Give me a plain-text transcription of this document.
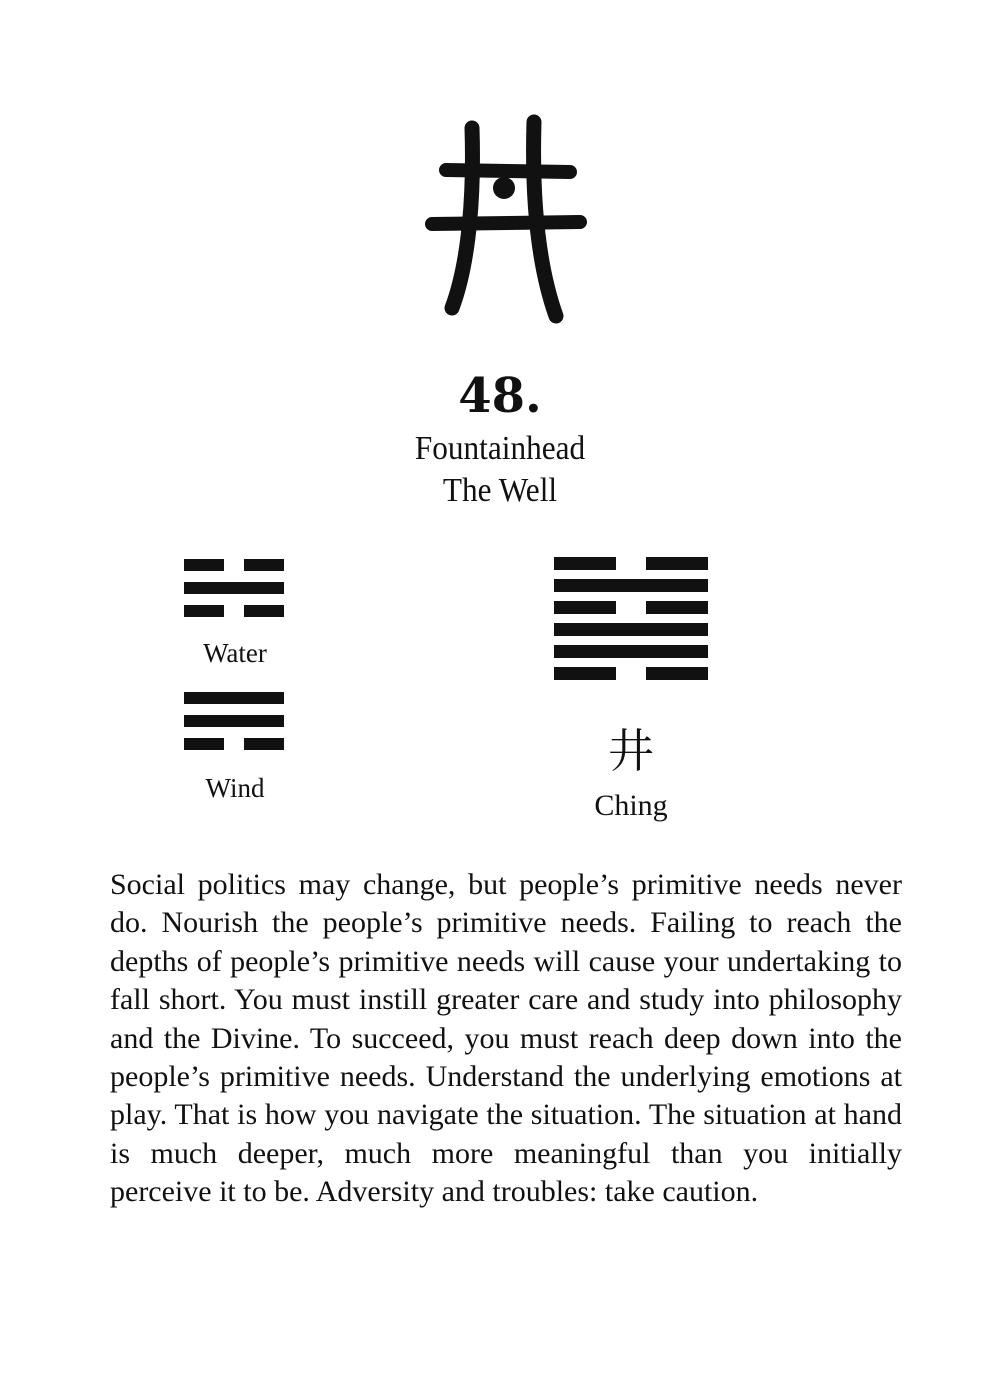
48.
Fountainhead
The Well
Water
Wind
井
Ching

Social politics may change, but people’s primitive needs never do. Nourish the people’s primitive needs. Failing to reach the depths of people’s primitive needs will cause your undertaking to fall short. You must instill greater care and study into philosophy and the Divine. To succeed, you must reach deep down into the people’s primitive needs. Understand the underlying emotions at play. That is how you navigate the situation. The situation at hand is much deeper, much more meaningful than you initially perceive it to be. Adversity and troubles: take caution.
